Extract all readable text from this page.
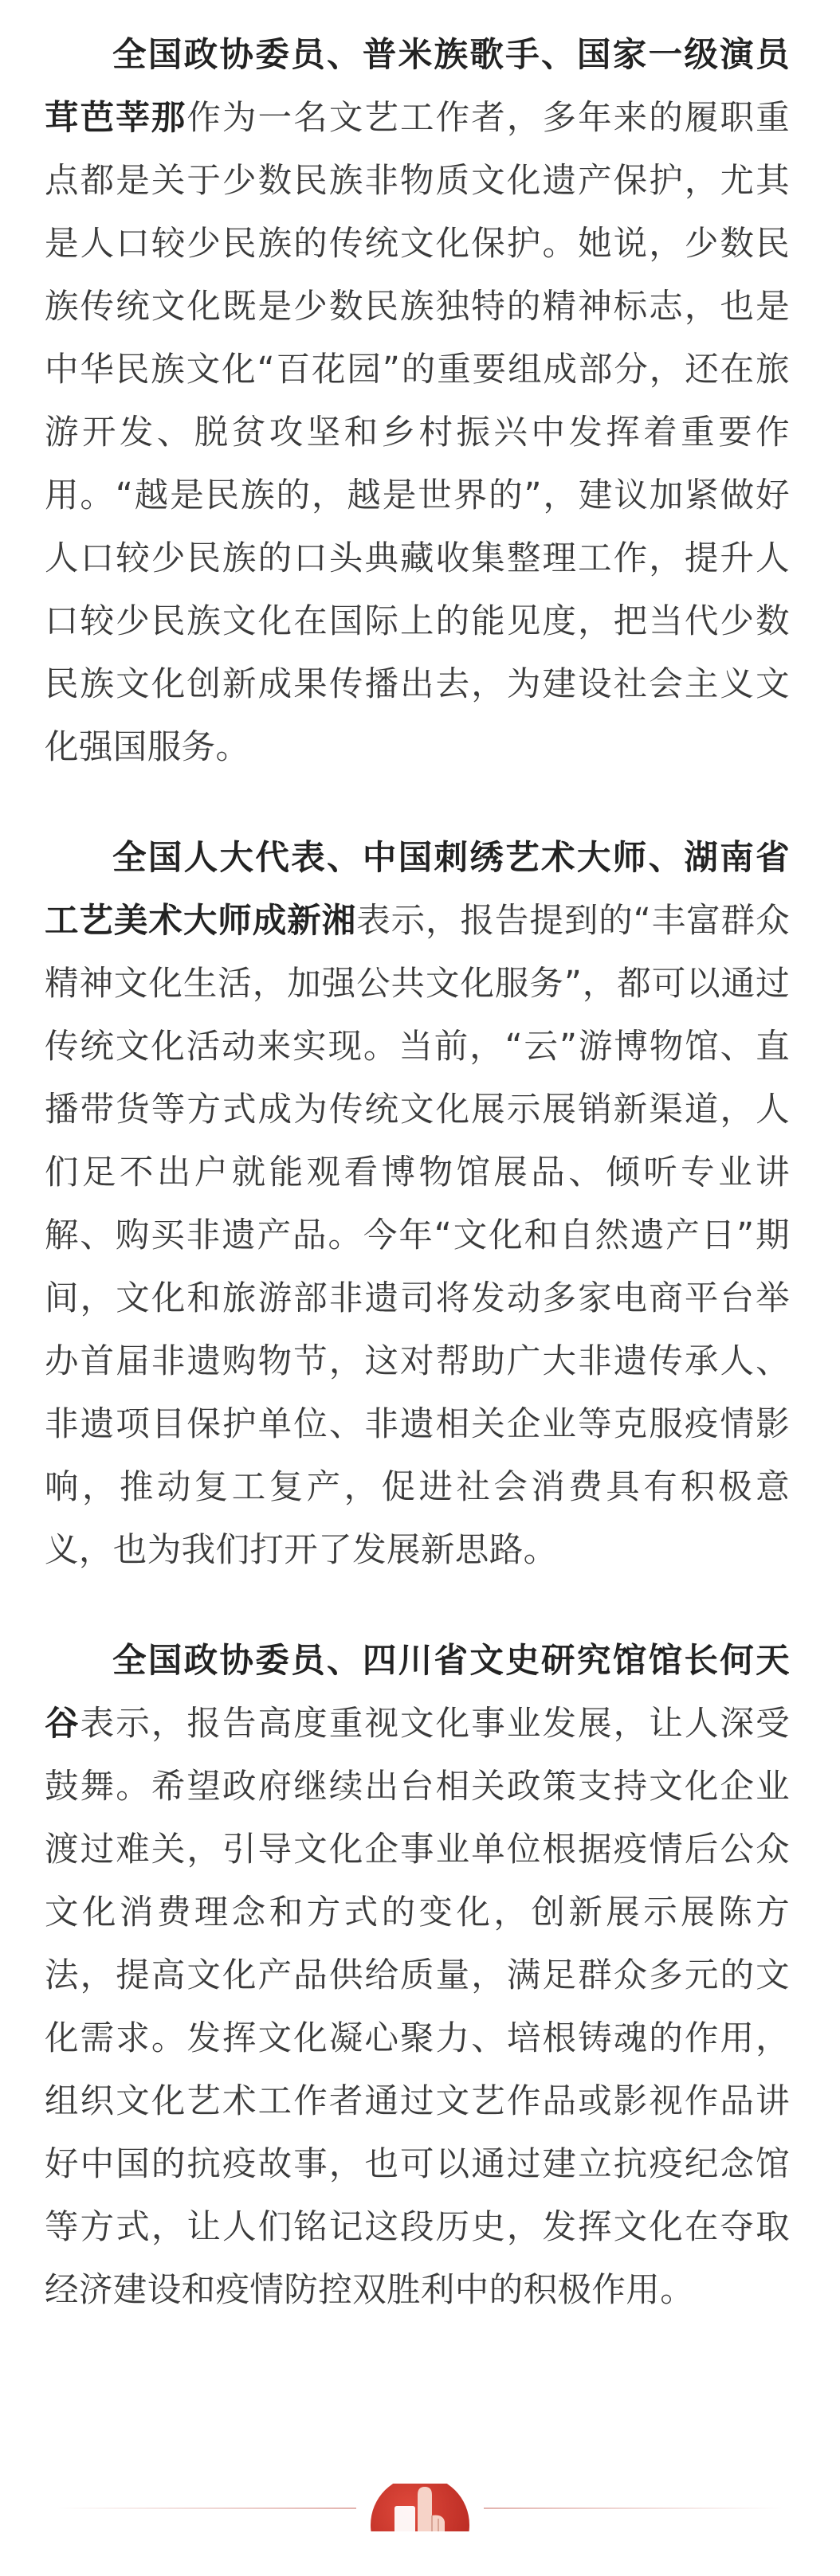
全国政协委员、普米族歌手、国家一级演员茸芭莘那作为一名文艺工作者，多年来的履职重点都是关于少数民族非物质文化遗产保护，尤其是人口较少民族的传统文化保护。她说，少数民族传统文化既是少数民族独特的精神标志，也是中华民族文化“百花园”的重要组成部分，还在旅游开发、脱贫攻坚和乡村振兴中发挥着重要作用。“越是民族的，越是世界的”，建议加紧做好人口较少民族的口头典藏收集整理工作，提升人口较少民族文化在国际上的能见度，把当代少数民族文化创新成果传播出去，为建设社会主义文化强国服务。

全国人大代表、中国刺绣艺术大师、湖南省工艺美术大师成新湘表示，报告提到的“丰富群众精神文化生活，加强公共文化服务”，都可以通过传统文化活动来实现。当前，“云”游博物馆、直播带货等方式成为传统文化展示展销新渠道，人们足不出户就能观看博物馆展品、倾听专业讲解、购买非遗产品。今年“文化和自然遗产日”期间，文化和旅游部非遗司将发动多家电商平台举办首届非遗购物节，这对帮助广大非遗传承人、非遗项目保护单位、非遗相关企业等克服疫情影响，推动复工复产，促进社会消费具有积极意义，也为我们打开了发展新思路。

全国政协委员、四川省文史研究馆馆长何天谷表示，报告高度重视文化事业发展，让人深受鼓舞。希望政府继续出台相关政策支持文化企业渡过难关，引导文化企事业单位根据疫情后公众文化消费理念和方式的变化，创新展示展陈方法，提高文化产品供给质量，满足群众多元的文化需求。发挥文化凝心聚力、培根铸魂的作用，组织文化艺术工作者通过文艺作品或影视作品讲好中国的抗疫故事，也可以通过建立抗疫纪念馆等方式，让人们铭记这段历史，发挥文化在夺取经济建设和疫情防控双胜利中的积极作用。
